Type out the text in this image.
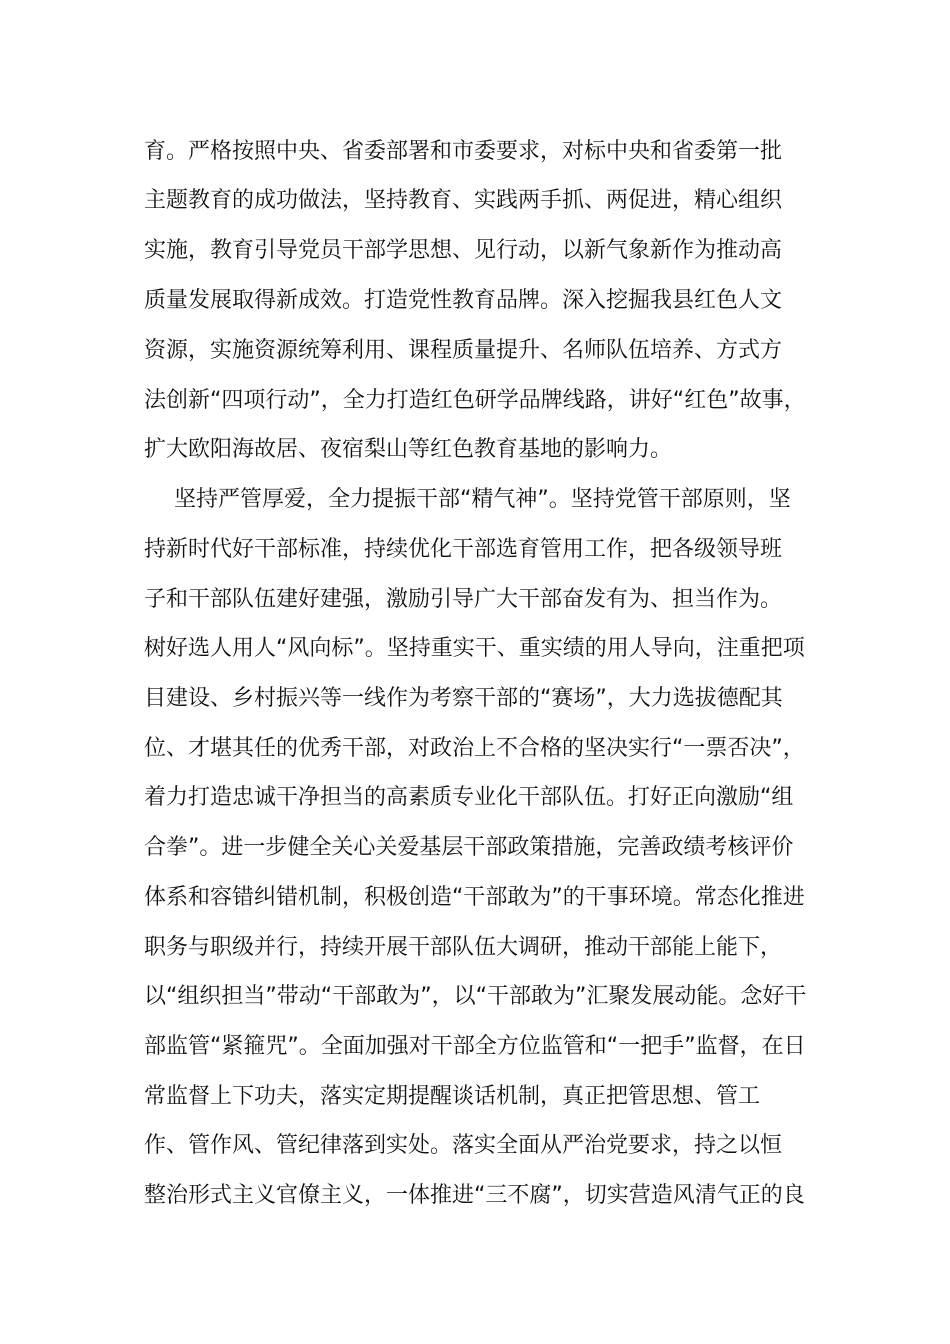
育。严格按照中央、省委部署和市委要求，对标中央和省委第一批
主题教育的成功做法，坚持教育、实践两手抓、两促进，精心组织
实施，教育引导党员干部学思想、见行动，以新气象新作为推动高
质量发展取得新成效。打造党性教育品牌。深入挖掘我县红色人文
资源，实施资源统筹利用、课程质量提升、名师队伍培养、方式方
法创新“四项行动”，全力打造红色研学品牌线路，讲好“红色”故事，
扩大欧阳海故居、夜宿梨山等红色教育基地的影响力。
坚持严管厚爱，全力提振干部“精气神”。坚持党管干部原则，坚
持新时代好干部标准，持续优化干部选育管用工作，把各级领导班
子和干部队伍建好建强，激励引导广大干部奋发有为、担当作为。
树好选人用人“风向标”。坚持重实干、重实绩的用人导向，注重把项
目建设、乡村振兴等一线作为考察干部的“赛场”，大力选拔德配其
位、才堪其任的优秀干部，对政治上不合格的坚决实行“一票否决”，
着力打造忠诚干净担当的高素质专业化干部队伍。打好正向激励“组
合拳”。进一步健全关心关爱基层干部政策措施，完善政绩考核评价
体系和容错纠错机制，积极创造“干部敢为”的干事环境。常态化推进
职务与职级并行，持续开展干部队伍大调研，推动干部能上能下，
以“组织担当”带动“干部敢为”，以“干部敢为”汇聚发展动能。念好干
部监管“紧箍咒”。全面加强对干部全方位监管和“一把手”监督，在日
常监督上下功夫，落实定期提醒谈话机制，真正把管思想、管工
作、管作风、管纪律落到实处。落实全面从严治党要求，持之以恒
整治形式主义官僚主义，一体推进“三不腐”，切实营造风清气正的良
